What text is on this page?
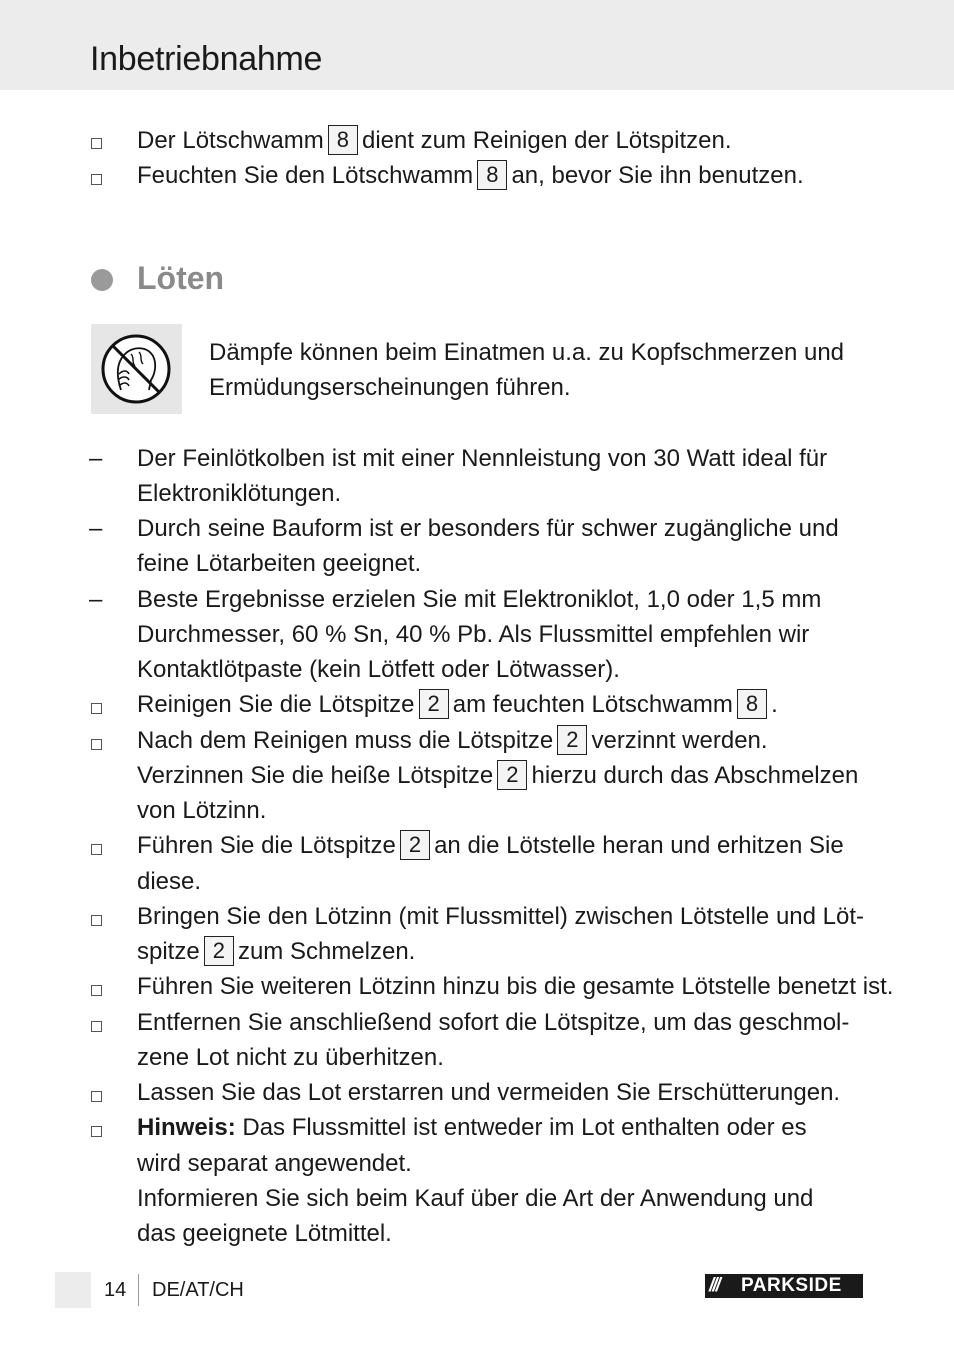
Inbetriebnahme
Der Lötschwamm 8 dient zum Reinigen der Lötspitzen.
Feuchten Sie den Lötschwamm 8 an, bevor Sie ihn benutzen.
Löten
Dämpfe können beim Einatmen u.a. zu Kopfschmerzen und
Ermüdungserscheinungen führen.
– Der Feinlötkolben ist mit einer Nennleistung von 30 Watt ideal für
Elektroniklötungen.
– Durch seine Bauform ist er besonders für schwer zugängliche und
feine Lötarbeiten geeignet.
– Beste Ergebnisse erzielen Sie mit Elektroniklot, 1,0 oder 1,5 mm
Durchmesser, 60 % Sn, 40 % Pb. Als Flussmittel empfehlen wir
Kontaktlötpaste (kein Lötfett oder Lötwasser).
Reinigen Sie die Lötspitze 2 am feuchten Lötschwamm 8 .
Nach dem Reinigen muss die Lötspitze 2 verzinnt werden.
Verzinnen Sie die heiße Lötspitze 2 hierzu durch das Abschmelzen
von Lötzinn.
Führen Sie die Lötspitze 2 an die Lötstelle heran und erhitzen Sie
diese.
Bringen Sie den Lötzinn (mit Flussmittel) zwischen Lötstelle und Löt-
spitze 2 zum Schmelzen.
Führen Sie weiteren Lötzinn hinzu bis die gesamte Lötstelle benetzt ist.
Entfernen Sie anschließend sofort die Lötspitze, um das geschmol-
zene Lot nicht zu überhitzen.
Lassen Sie das Lot erstarren und vermeiden Sie Erschütterungen.
Hinweis: Das Flussmittel ist entweder im Lot enthalten oder es
wird separat angewendet.
Informieren Sie sich beim Kauf über die Art der Anwendung und
das geeignete Lötmittel.
14 DE/AT/CH	/// PARKSIDE
